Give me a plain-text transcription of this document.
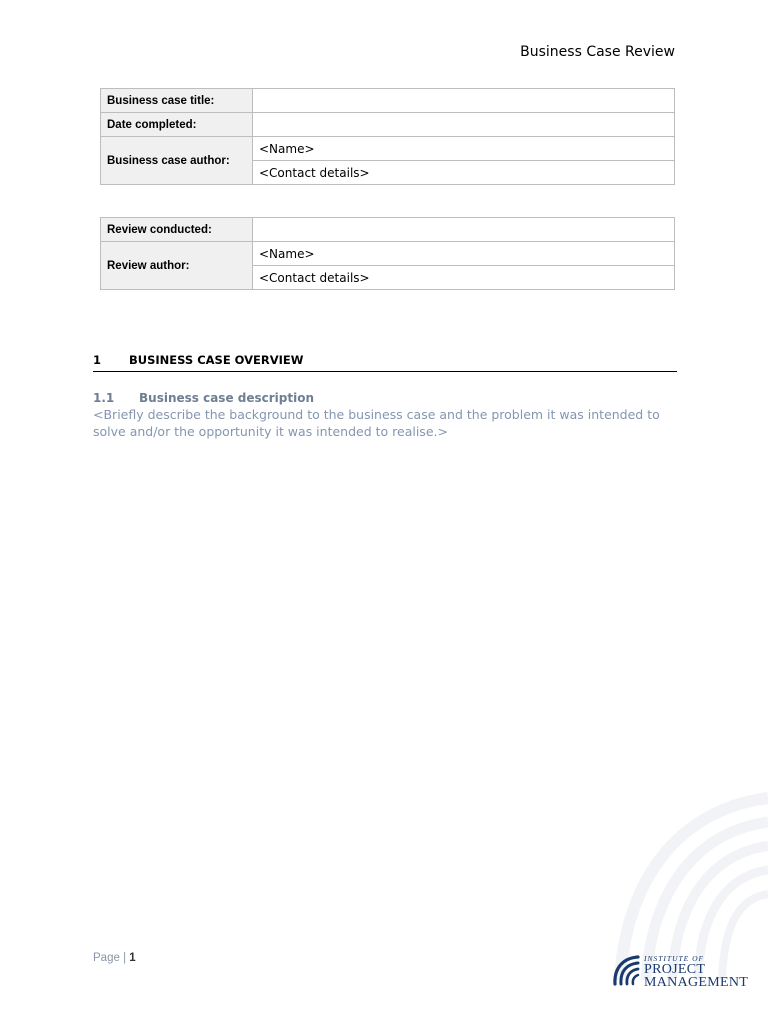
Business Case Review
Business case title:	
Date completed:	
Business case author:	<Name>
	<Contact details>
Review conducted:	
Review author:	<Name>
	<Contact details>
1 BUSINESS CASE OVERVIEW
1.1 Business case description
<Briefly describe the background to the business case and the problem it was intended to solve and/or the opportunity it was intended to realise.>
Page | 1	INSTITUTE OF
PROJECT
MANAGEMENT
